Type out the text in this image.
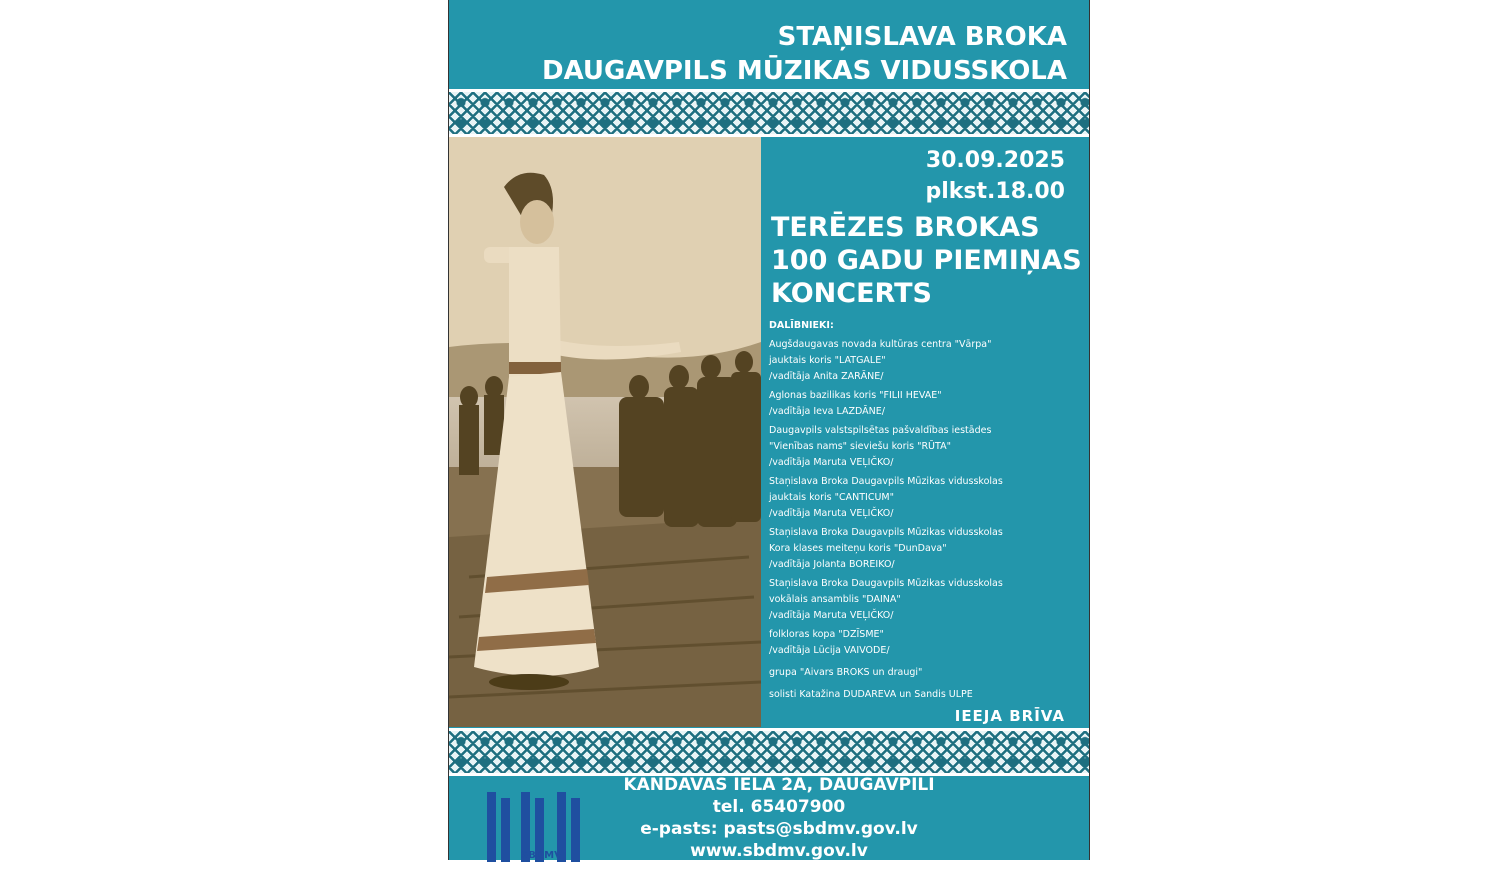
STAŅISLAVA BROKA
DAUGAVPILS MŪZIKAS VIDUSSKOLA
30.09.2025
plkst.18.00
TERĒZES BROKAS
100 GADU PIEMIŅAS
KONCERTS
DALĪBNIEKI:
Augšdaugavas novada kultūras centra "Vārpa"
jauktais koris "LATGALE"
/vadītāja Anita ZARĀNE/
Aglonas bazilikas koris "FILII HEVAE"
/vadītāja Ieva LAZDĀNE/
Daugavpils valstspilsētas pašvaldības iestādes
"Vienības nams" sieviešu koris "RŪTA"
/vadītāja Maruta VEĻIČKO/
Staņislava Broka Daugavpils Mūzikas vidusskolas
jauktais koris "CANTICUM"
/vadītāja Maruta VEĻIČKO/
Staņislava Broka Daugavpils Mūzikas vidusskolas
Kora klases meiteņu koris "DunDava"
/vadītāja Jolanta BOREIKO/
Staņislava Broka Daugavpils Mūzikas vidusskolas
vokālais ansamblis "DAINA"
/vadītāja Maruta VEĻIČKO/
folkloras kopa "DZĪSME"
/vadītāja Lūcija VAIVODE/
grupa "Aivars BROKS un draugi"
solisti Katažina DUDAREVA un Sandis ULPE
IEEJA BRĪVA
SBDMV
KANDAVAS IELA 2A, DAUGAVPILĪ
tel. 65407900
e-pasts: pasts@sbdmv.gov.lv
www.sbdmv.gov.lv
WWW.INSTAGRAM.COM/S.B.D.M.V/
